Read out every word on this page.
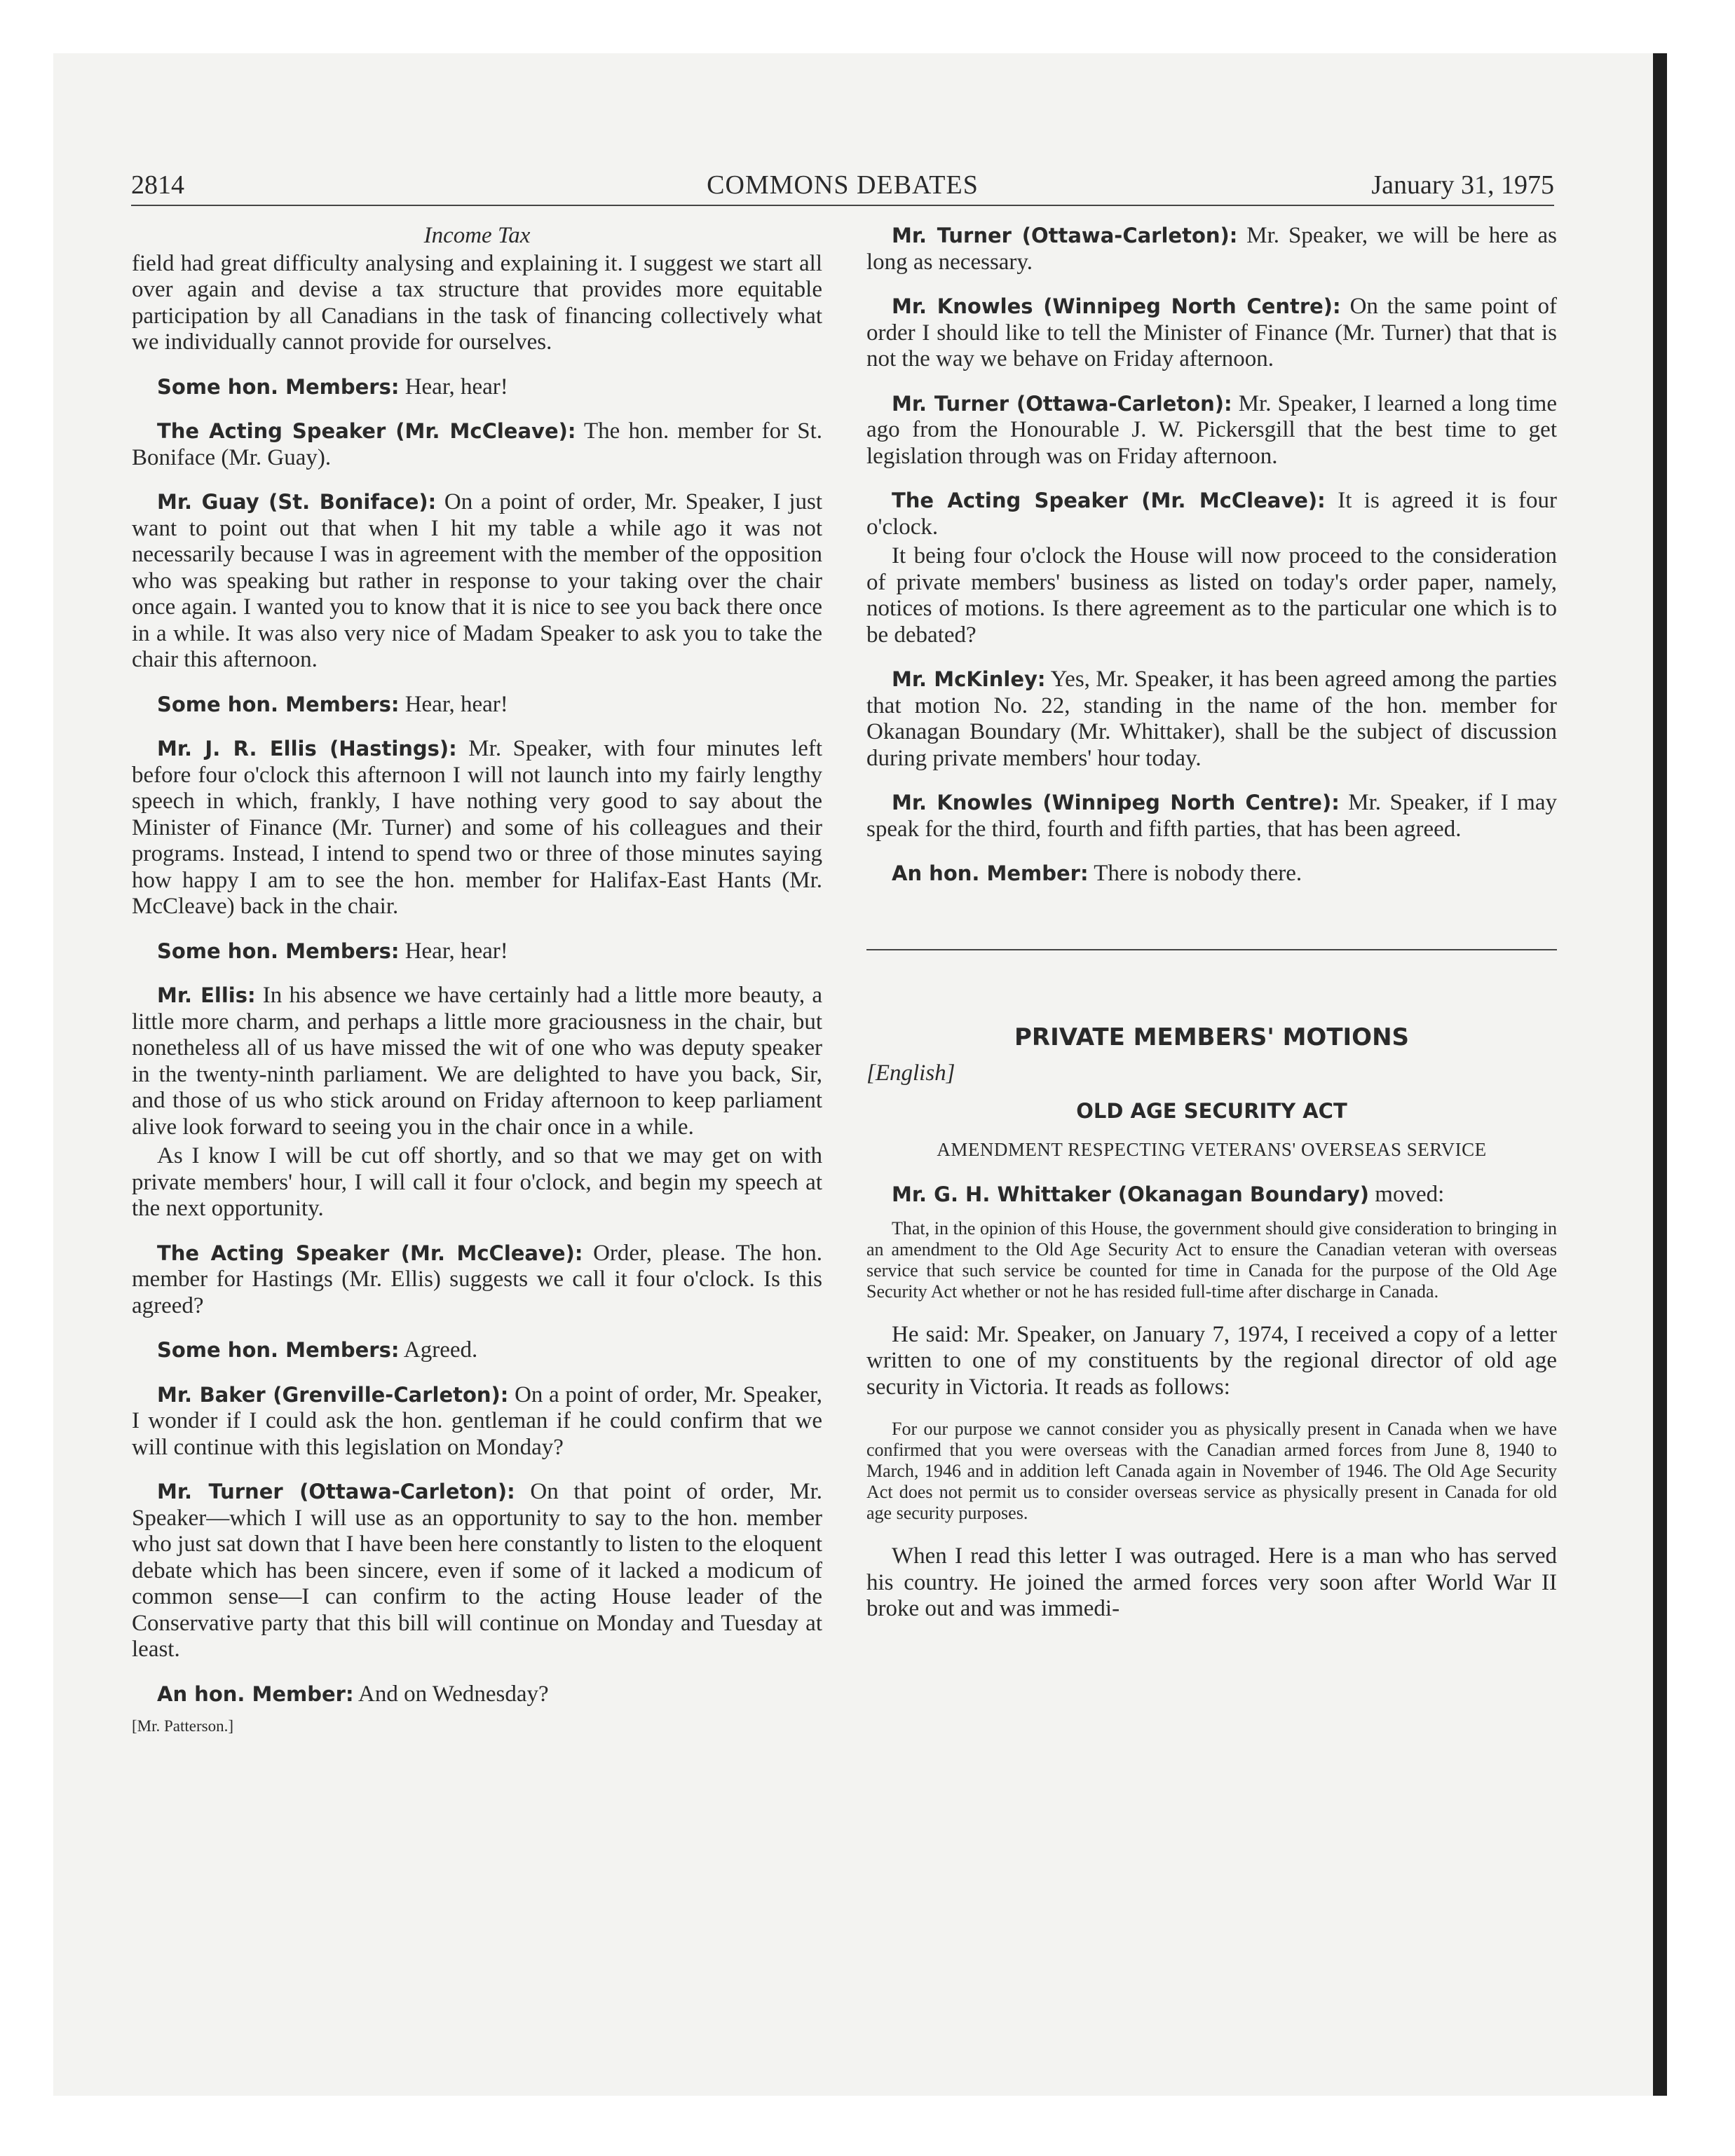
2814	COMMONS DEBATES	January 31, 1975
Income Tax

field had great difficulty analysing and explaining it. I suggest we start all over again and devise a tax structure that provides more equitable participation by all Canadians in the task of financing collectively what we individually cannot provide for ourselves.

Some hon. Members: Hear, hear!

The Acting Speaker (Mr. McCleave): The hon. member for St. Boniface (Mr. Guay).

Mr. Guay (St. Boniface): On a point of order, Mr. Speaker, I just want to point out that when I hit my table a while ago it was not necessarily because I was in agreement with the member of the opposition who was speaking but rather in response to your taking over the chair once again. I wanted you to know that it is nice to see you back there once in a while. It was also very nice of Madam Speaker to ask you to take the chair this afternoon.

Some hon. Members: Hear, hear!

Mr. J. R. Ellis (Hastings): Mr. Speaker, with four minutes left before four o'clock this afternoon I will not launch into my fairly lengthy speech in which, frankly, I have nothing very good to say about the Minister of Finance (Mr. Turner) and some of his colleagues and their programs. Instead, I intend to spend two or three of those minutes saying how happy I am to see the hon. member for Halifax-East Hants (Mr. McCleave) back in the chair.

Some hon. Members: Hear, hear!

Mr. Ellis: In his absence we have certainly had a little more beauty, a little more charm, and perhaps a little more graciousness in the chair, but nonetheless all of us have missed the wit of one who was deputy speaker in the twenty-ninth parliament. We are delighted to have you back, Sir, and those of us who stick around on Friday afternoon to keep parliament alive look forward to seeing you in the chair once in a while.

As I know I will be cut off shortly, and so that we may get on with private members' hour, I will call it four o'clock, and begin my speech at the next opportunity.

The Acting Speaker (Mr. McCleave): Order, please. The hon. member for Hastings (Mr. Ellis) suggests we call it four o'clock. Is this agreed?

Some hon. Members: Agreed.

Mr. Baker (Grenville-Carleton): On a point of order, Mr. Speaker, I wonder if I could ask the hon. gentleman if he could confirm that we will continue with this legislation on Monday?

Mr. Turner (Ottawa-Carleton): On that point of order, Mr. Speaker—which I will use as an opportunity to say to the hon. member who just sat down that I have been here constantly to listen to the eloquent debate which has been sincere, even if some of it lacked a modicum of common sense—I can confirm to the acting House leader of the Conservative party that this bill will continue on Monday and Tuesday at least.

An hon. Member: And on Wednesday?

[Mr. Patterson.]

Mr. Turner (Ottawa-Carleton): Mr. Speaker, we will be here as long as necessary.

Mr. Knowles (Winnipeg North Centre): On the same point of order I should like to tell the Minister of Finance (Mr. Turner) that that is not the way we behave on Friday afternoon.

Mr. Turner (Ottawa-Carleton): Mr. Speaker, I learned a long time ago from the Honourable J. W. Pickersgill that the best time to get legislation through was on Friday afternoon.

The Acting Speaker (Mr. McCleave): It is agreed it is four o'clock.

It being four o'clock the House will now proceed to the consideration of private members' business as listed on today's order paper, namely, notices of motions. Is there agreement as to the particular one which is to be debated?

Mr. McKinley: Yes, Mr. Speaker, it has been agreed among the parties that motion No. 22, standing in the name of the hon. member for Okanagan Boundary (Mr. Whittaker), shall be the subject of discussion during private members' hour today.

Mr. Knowles (Winnipeg North Centre): Mr. Speaker, if I may speak for the third, fourth and fifth parties, that has been agreed.

An hon. Member: There is nobody there.

PRIVATE MEMBERS' MOTIONS
[English]
OLD AGE SECURITY ACT
AMENDMENT RESPECTING VETERANS' OVERSEAS SERVICE

Mr. G. H. Whittaker (Okanagan Boundary) moved:

That, in the opinion of this House, the government should give consideration to bringing in an amendment to the Old Age Security Act to ensure the Canadian veteran with overseas service that such service be counted for time in Canada for the purpose of the Old Age Security Act whether or not he has resided full-time after discharge in Canada.

He said: Mr. Speaker, on January 7, 1974, I received a copy of a letter written to one of my constituents by the regional director of old age security in Victoria. It reads as follows:

For our purpose we cannot consider you as physically present in Canada when we have confirmed that you were overseas with the Canadian armed forces from June 8, 1940 to March, 1946 and in addition left Canada again in November of 1946. The Old Age Security Act does not permit us to consider overseas service as physically present in Canada for old age security purposes.

When I read this letter I was outraged. Here is a man who has served his country. He joined the armed forces very soon after World War II broke out and was immedi-
